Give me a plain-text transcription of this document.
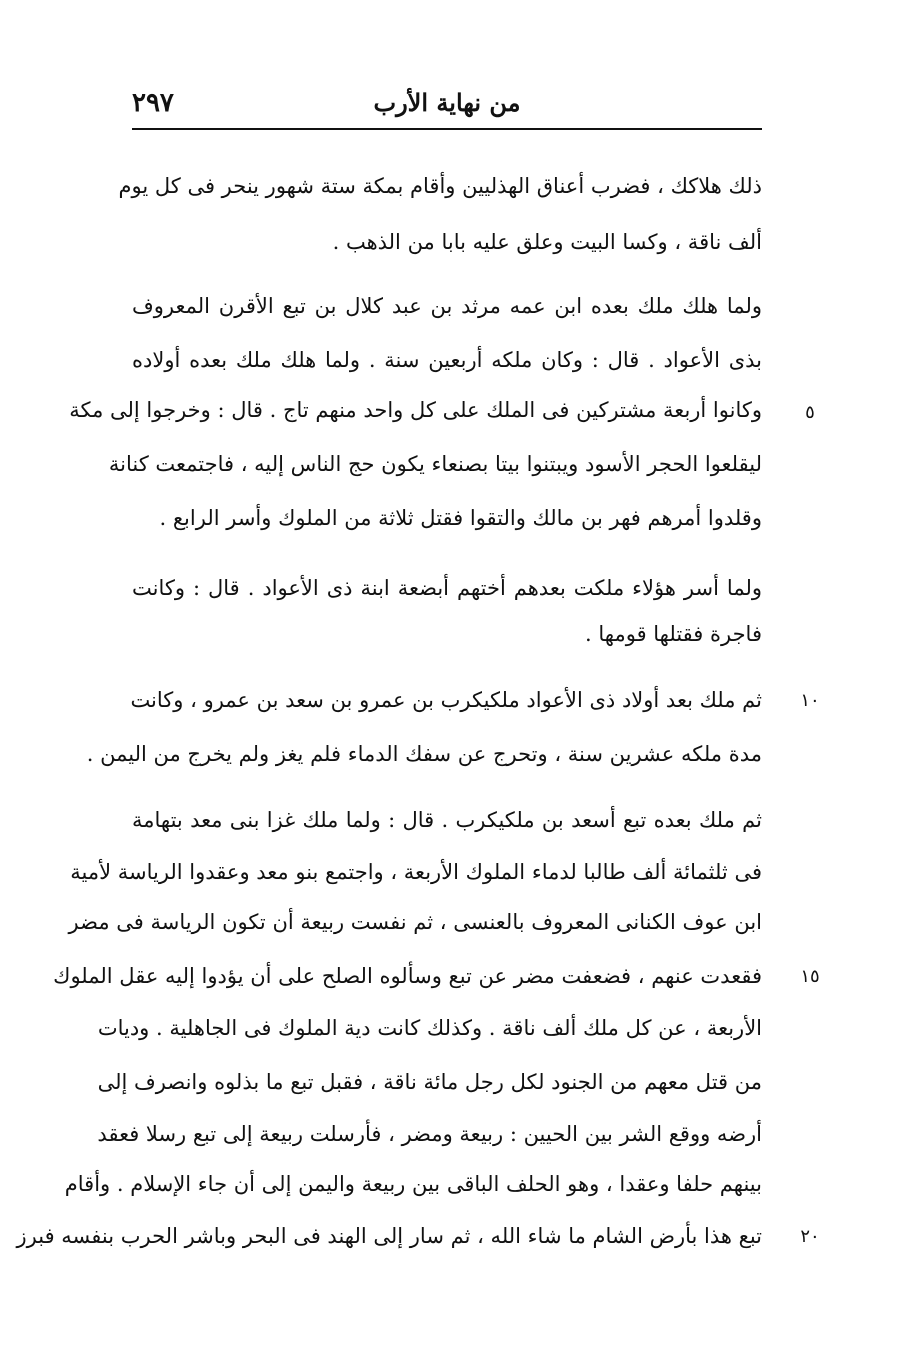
٢٩٧	من نهاية الأرب
ذلك هلاكك ، فضرب أعناق الهذليين وأقام بمكة ستة شهور ينحر فى كل يوم
ألف ناقة ، وكسا البيت وعلق عليه بابا من الذهب .
ولما هلك ملك بعده ابن عمه مرثد بن عبد كلال بن تبع الأقرن المعروف
بذى الأعواد . قال : وكان ملكه أربعين سنة . ولما هلك ملك بعده أولاده
وكانوا أربعة مشتركين فى الملك على كل واحد منهم تاج . قال : وخرجوا إلى مكة
ليقلعوا الحجر الأسود ويبتنوا بيتا بصنعاء يكون حج الناس إليه ، فاجتمعت كنانة
وقلدوا أمرهم فهر بن مالك والتقوا فقتل ثلاثة من الملوك وأسر الرابع .
ولما أسر هؤلاء ملكت بعدهم أختهم أبضعة ابنة ذى الأعواد . قال : وكانت
فاجرة فقتلها قومها .
ثم ملك بعد أولاد ذى الأعواد ملكيكرب بن عمرو بن سعد بن عمرو ، وكانت
مدة ملكه عشرين سنة ، وتحرج عن سفك الدماء فلم يغز ولم يخرج من اليمن .
ثم ملك بعده تبع أسعد بن ملكيكرب . قال : ولما ملك غزا بنى معد بتهامة
فى ثلثمائة ألف طالبا لدماء الملوك الأربعة ، واجتمع بنو معد وعقدوا الرياسة لأمية
ابن عوف الكنانى المعروف بالعنسى ، ثم نفست ربيعة أن تكون الرياسة فى مضر
فقعدت عنهم ، فضعفت مضر عن تبع وسألوه الصلح على أن يؤدوا إليه عقل الملوك
الأربعة ، عن كل ملك ألف ناقة . وكذلك كانت دية الملوك فى الجاهلية . وديات
من قتل معهم من الجنود لكل رجل مائة ناقة ، فقبل تبع ما بذلوه وانصرف إلى
أرضه ووقع الشر بين الحيين : ربيعة ومضر ، فأرسلت ربيعة إلى تبع رسلا فعقد
بينهم حلفا وعقدا ، وهو الحلف الباقى بين ربيعة واليمن إلى أن جاء الإسلام . وأقام
تبع هذا بأرض الشام ما شاء الله ، ثم سار إلى الهند فى البحر وباشر الحرب بنفسه فبرز
٥
١٠
١٥
٢٠
